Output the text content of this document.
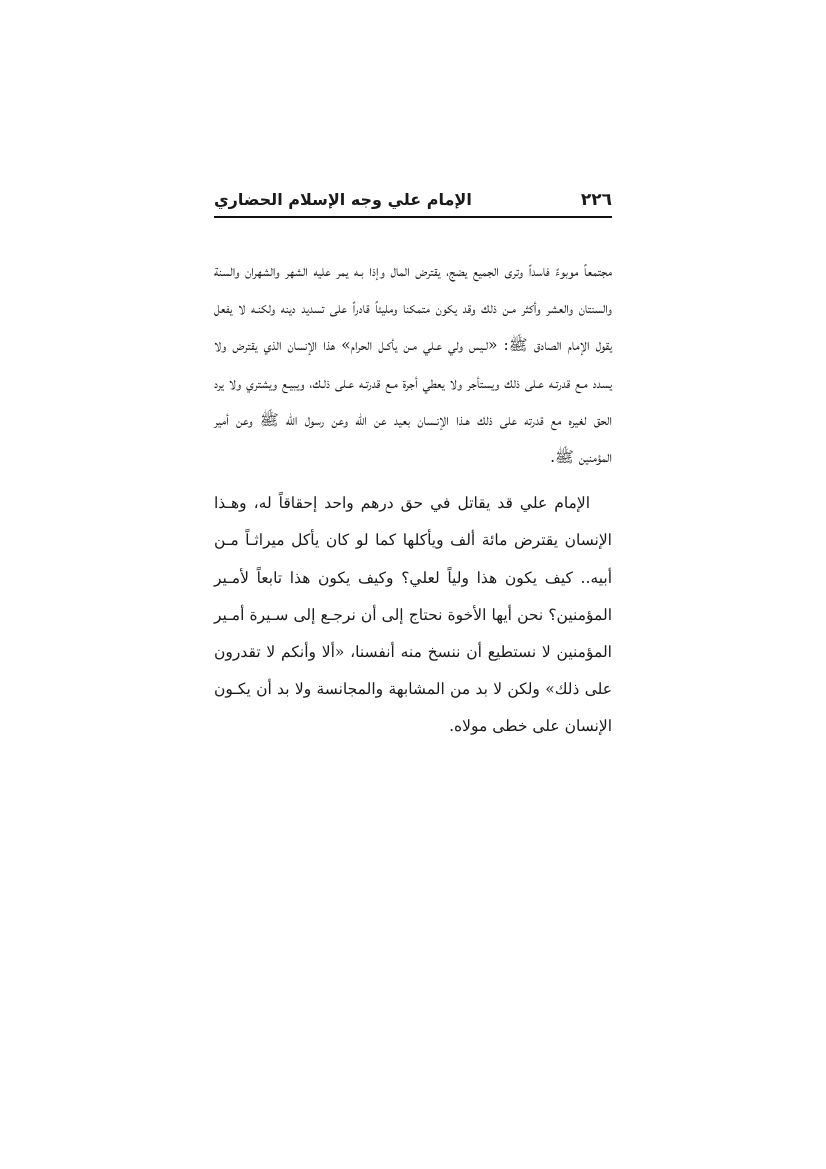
٢٢٦
الإمام علي وجه الإسلام الحضاري

مجتمعاً موبوءً فاسداً وترى الجميع يضج، يقترض المال وإذا بـه يمر عليه الشهر والشهران والسنة والسنتان والعشر وأكثر مـن ذلك وقد يكون متمكنا ومليئاً قادراً على تسديد دينه ولكنـه لا يفعل يقول الإمام الصادق ﷺ: «لـيس ولي عـلي مـن يأكـل الحرام» هذا الإنسان الذي يقترض ولا يسدد مـع قدرتـه عـلى ذلك ويستأجر ولا يعطي أجرة مـع قدرتـه عـلى ذلـك، ويبيـع ويشتري ولا يرد الحق لغيره مع قدرته على ذلك هـذا الإنـسان بعيد عن الله وعن رسول الله ﷺ وعن أمير المؤمنين ﷺ.

الإمام علي قد يقاتل في حق درهم واحد إحقاقاً له، وهـذا الإنسان يقترض مائة ألف ويأكلها كما لو كان يأكل ميراثـاً مـن أبيه.. كيف يكون هذا ولياً لعلي؟ وكيف يكون هذا تابعاً لأمـير المؤمنين؟ نحن أيها الأخوة نحتاج إلى أن نرجـع إلى سـيرة أمـير المؤمنين لا نستطيع أن ننسخ منه أنفسنا، «ألا وأنكم لا تقدرون على ذلك» ولكن لا بد من المشابهة والمجانسة ولا بد أن يكـون الإنسان على خطى مولاه.
